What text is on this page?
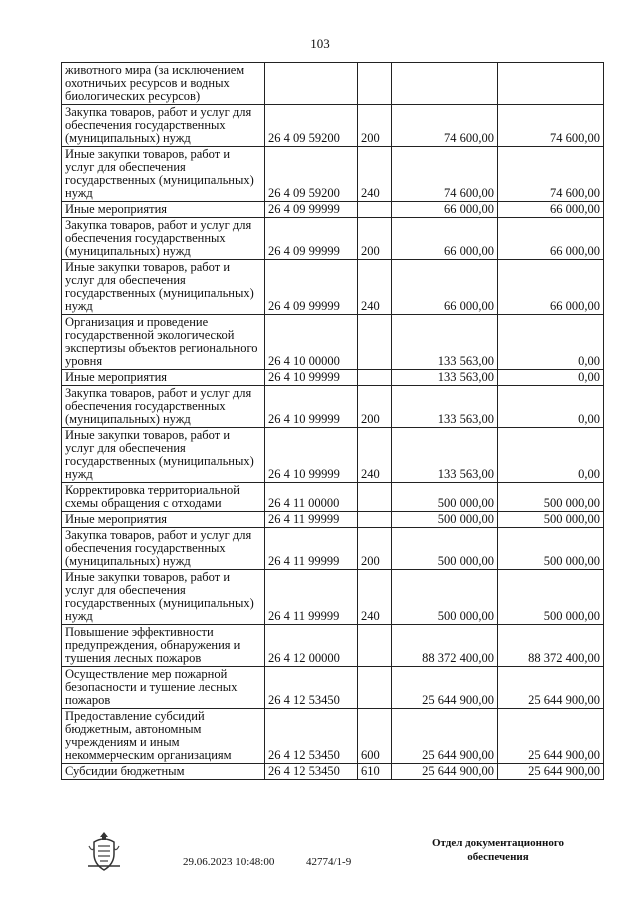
103
животного мира (за исключением охотничьих ресурсов и водных биологических ресурсов)				
Закупка товаров, работ и услуг для обеспечения государственных (муниципальных) нужд	26 4 09 59200	200	74 600,00	74 600,00
Иные закупки товаров, работ и услуг для обеспечения государственных (муниципальных) нужд	26 4 09 59200	240	74 600,00	74 600,00
Иные мероприятия	26 4 09 99999		66 000,00	66 000,00
Закупка товаров, работ и услуг для обеспечения государственных (муниципальных) нужд	26 4 09 99999	200	66 000,00	66 000,00
Иные закупки товаров, работ и услуг для обеспечения государственных (муниципальных) нужд	26 4 09 99999	240	66 000,00	66 000,00
Организация и проведение государственной экологической экспертизы объектов регионального уровня	26 4 10 00000		133 563,00	0,00
Иные мероприятия	26 4 10 99999		133 563,00	0,00
Закупка товаров, работ и услуг для обеспечения государственных (муниципальных) нужд	26 4 10 99999	200	133 563,00	0,00
Иные закупки товаров, работ и услуг для обеспечения государственных (муниципальных) нужд	26 4 10 99999	240	133 563,00	0,00
Корректировка территориальной схемы обращения с отходами	26 4 11 00000		500 000,00	500 000,00
Иные мероприятия	26 4 11 99999		500 000,00	500 000,00
Закупка товаров, работ и услуг для обеспечения государственных (муниципальных) нужд	26 4 11 99999	200	500 000,00	500 000,00
Иные закупки товаров, работ и услуг для обеспечения государственных (муниципальных) нужд	26 4 11 99999	240	500 000,00	500 000,00
Повышение эффективности предупреждения, обнаружения и тушения лесных пожаров	26 4 12 00000		88 372 400,00	88 372 400,00
Осуществление мер пожарной безопасности и тушение лесных пожаров	26 4 12 53450		25 644 900,00	25 644 900,00
Предоставление субсидий бюджетным, автономным учреждениям и иным некоммерческим организациям	26 4 12 53450	600	25 644 900,00	25 644 900,00
Субсидии бюджетным	26 4 12 53450	610	25 644 900,00	25 644 900,00
29.06.2023 10:48:00	42774/1-9
Отдел документационного
обеспечения
